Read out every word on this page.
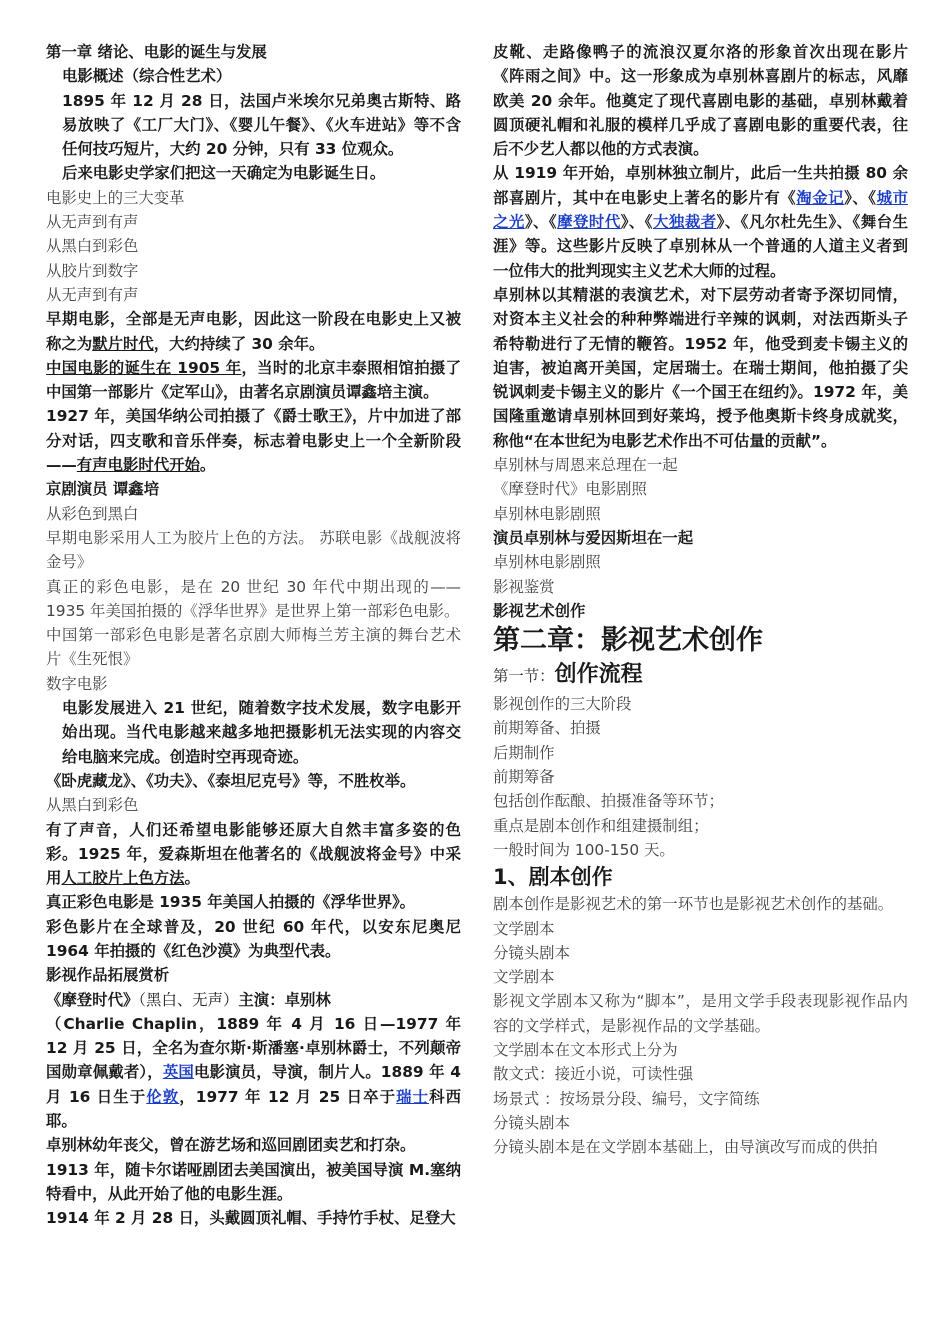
第一章 绪论、电影的诞生与发展

电影概述（综合性艺术）

1895 年 12 月 28 日，法国卢米埃尔兄弟奥古斯特、路易放映了《工厂大门》、《婴儿午餐》、《火车进站》等不含任何技巧短片，大约 20 分钟，只有 33 位观众。

后来电影史学家们把这一天确定为电影诞生日。

电影史上的三大变革

从无声到有声

从黑白到彩色

从胶片到数字

从无声到有声

早期电影，全部是无声电影，因此这一阶段在电影史上又被称之为默片时代，大约持续了 30 余年。

中国电影的诞生在 1905 年，当时的北京丰泰照相馆拍摄了中国第一部影片《定军山》，由著名京剧演员谭鑫培主演。

1927 年，美国华纳公司拍摄了《爵士歌王》，片中加进了部分对话，四支歌和音乐伴奏，标志着电影史上一个全新阶段——有声电影时代开始。

京剧演员 谭鑫培

从彩色到黑白

早期电影采用人工为胶片上色的方法。 苏联电影《战舰波将金号》

真正的彩色电影，是在 20 世纪 30 年代中期出现的——1935 年美国拍摄的《浮华世界》是世界上第一部彩色电影。

中国第一部彩色电影是著名京剧大师梅兰芳主演的舞台艺术片《生死恨》

数字电影

电影发展进入 21 世纪，随着数字技术发展，数字电影开始出现。当代电影越来越多地把摄影机无法实现的内容交给电脑来完成。创造时空再现奇迹。

《卧虎藏龙》、《功夫》、《泰坦尼克号》等，不胜枚举。

从黑白到彩色

有了声音，人们还希望电影能够还原大自然丰富多姿的色彩。1925 年，爱森斯坦在他著名的《战舰波将金号》中采用人工胶片上色方法。

真正彩色电影是 1935 年美国人拍摄的《浮华世界》。

彩色影片在全球普及，20 世纪 60 年代，以安东尼奥尼 1964 年拍摄的《红色沙漠》为典型代表。

影视作品拓展赏析

《摩登时代》（黑白、无声）主演：卓别林

（Charlie Chaplin，1889 年 4 月 16 日—1977 年 12 月 25 日，全名为查尔斯·斯潘塞·卓别林爵士，不列颠帝国勋章佩戴者），英国电影演员，导演，制片人。1889 年 4 月 16 日生于伦敦，1977 年 12 月 25 日卒于瑞士科西耶。

卓别林幼年丧父，曾在游艺场和巡回剧团卖艺和打杂。

1913 年，随卡尔诺哑剧团去美国演出，被美国导演 M.塞纳特看中，从此开始了他的电影生涯。

1914 年 2 月 28 日，头戴圆顶礼帽、手持竹手杖、足登大

皮靴、走路像鸭子的流浪汉夏尔洛的形象首次出现在影片《阵雨之间》中。这一形象成为卓别林喜剧片的标志，风靡欧美 20 余年。他奠定了现代喜剧电影的基础，卓别林戴着圆顶硬礼帽和礼服的模样几乎成了喜剧电影的重要代表，往后不少艺人都以他的方式表演。

从 1919 年开始，卓别林独立制片，此后一生共拍摄 80 余部喜剧片，其中在电影史上著名的影片有《淘金记》、《城市之光》、《摩登时代》、《大独裁者》、《凡尔杜先生》、《舞台生涯》等。这些影片反映了卓别林从一个普通的人道主义者到一位伟大的批判现实主义艺术大师的过程。

卓别林以其精湛的表演艺术，对下层劳动者寄予深切同情，对资本主义社会的种种弊端进行辛辣的讽刺，对法西斯头子希特勒进行了无情的鞭笞。1952 年，他受到麦卡锡主义的迫害，被迫离开美国，定居瑞士。在瑞士期间，他拍摄了尖锐讽刺麦卡锡主义的影片《一个国王在纽约》。1972 年，美国隆重邀请卓别林回到好莱坞，授予他奥斯卡终身成就奖，称他“在本世纪为电影艺术作出不可估量的贡献”。

卓别林与周恩来总理在一起

《摩登时代》电影剧照

卓别林电影剧照

演员卓别林与爱因斯坦在一起

卓别林电影剧照

影视鉴赏

影视艺术创作

第二章：影视艺术创作

第一节：创作流程

影视创作的三大阶段

前期筹备、拍摄

后期制作

前期筹备

包括创作酝酿、拍摄准备等环节；

重点是剧本创作和组建摄制组；

一般时间为 100-150 天。

1、剧本创作

剧本创作是影视艺术的第一环节也是影视艺术创作的基础。

文学剧本

分镜头剧本

文学剧本

影视文学剧本又称为“脚本”，是用文学手段表现影视作品内容的文学样式，是影视作品的文学基础。

文学剧本在文本形式上分为

散文式：接近小说，可读性强

场景式 ：按场景分段、编号，文字简练

分镜头剧本

分镜头剧本是在文学剧本基础上，由导演改写而成的供拍
